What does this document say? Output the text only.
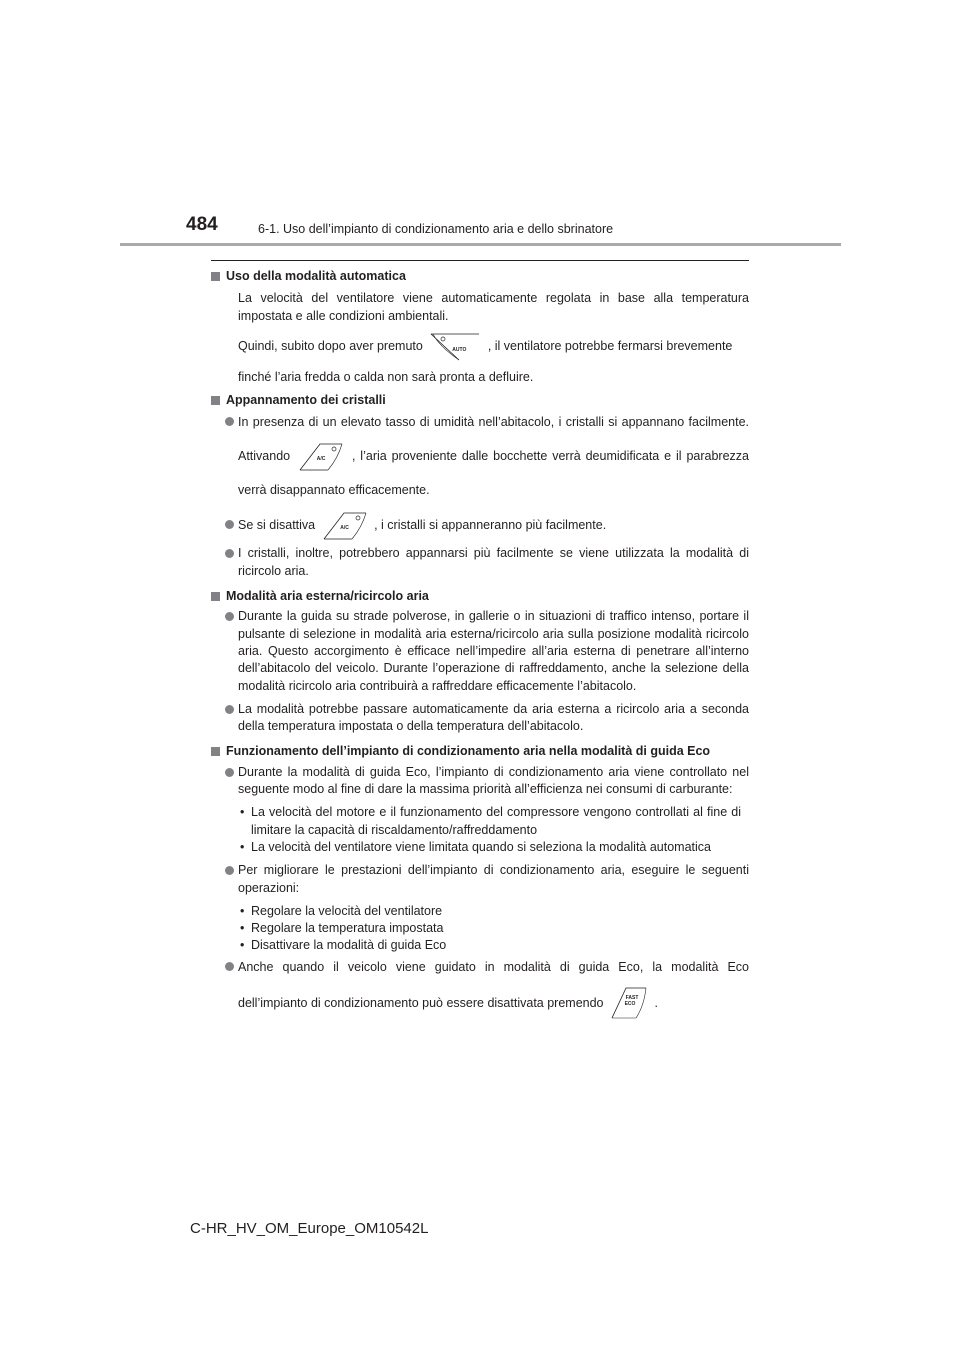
484	6-1. Uso dell’impianto di condizionamento aria e dello sbrinatore
Uso della modalità automatica
La velocità del ventilatore viene automaticamente regolata in base alla temperatura impostata e alle condizioni ambientali.
Quindi, subito dopo aver premuto	AUTO	, il ventilatore potrebbe fermarsi brevemente
finché l’aria fredda o calda non sarà pronta a defluire.
Appannamento dei cristalli
In presenza di un elevato tasso di umidità nell’abitacolo, i cristalli si appannano facilmente. Attivando	A/C	, l’aria proveniente dalle bocchette verrà deumidificata e il parabrezza verrà disappannato efficacemente.
Se si disattiva	A/C	, i cristalli si appanneranno più facilmente.
I cristalli, inoltre, potrebbero appannarsi più facilmente se viene utilizzata la modalità di ricircolo aria.
Modalità aria esterna/ricircolo aria
Durante la guida su strade polverose, in gallerie o in situazioni di traffico intenso, portare il pulsante di selezione in modalità aria esterna/ricircolo aria sulla posizione modalità ricircolo aria. Questo accorgimento è efficace nell’impedire all’aria esterna di penetrare all’interno dell’abitacolo del veicolo. Durante l’operazione di raffreddamento, anche la selezione della modalità ricircolo aria contribuirà a raffreddare efficacemente l’abitacolo.
La modalità potrebbe passare automaticamente da aria esterna a ricircolo aria a seconda della temperatura impostata o della temperatura dell’abitacolo.
Funzionamento dell’impianto di condizionamento aria nella modalità di guida Eco
Durante la modalità di guida Eco, l’impianto di condizionamento aria viene controllato nel seguente modo al fine di dare la massima priorità all’efficienza nei consumi di carburante:
• La velocità del motore e il funzionamento del compressore vengono controllati al fine di limitare la capacità di riscaldamento/raffreddamento
• La velocità del ventilatore viene limitata quando si seleziona la modalità automatica
Per migliorare le prestazioni dell’impianto di condizionamento aria, eseguire le seguenti operazioni:
• Regolare la velocità del ventilatore
• Regolare la temperatura impostata
• Disattivare la modalità di guida Eco
Anche quando il veicolo viene guidato in modalità di guida Eco, la modalità Eco dell’impianto di condizionamento può essere disattivata premendo	FAST
ECO	.
C-HR_HV_OM_Europe_OM10542L
